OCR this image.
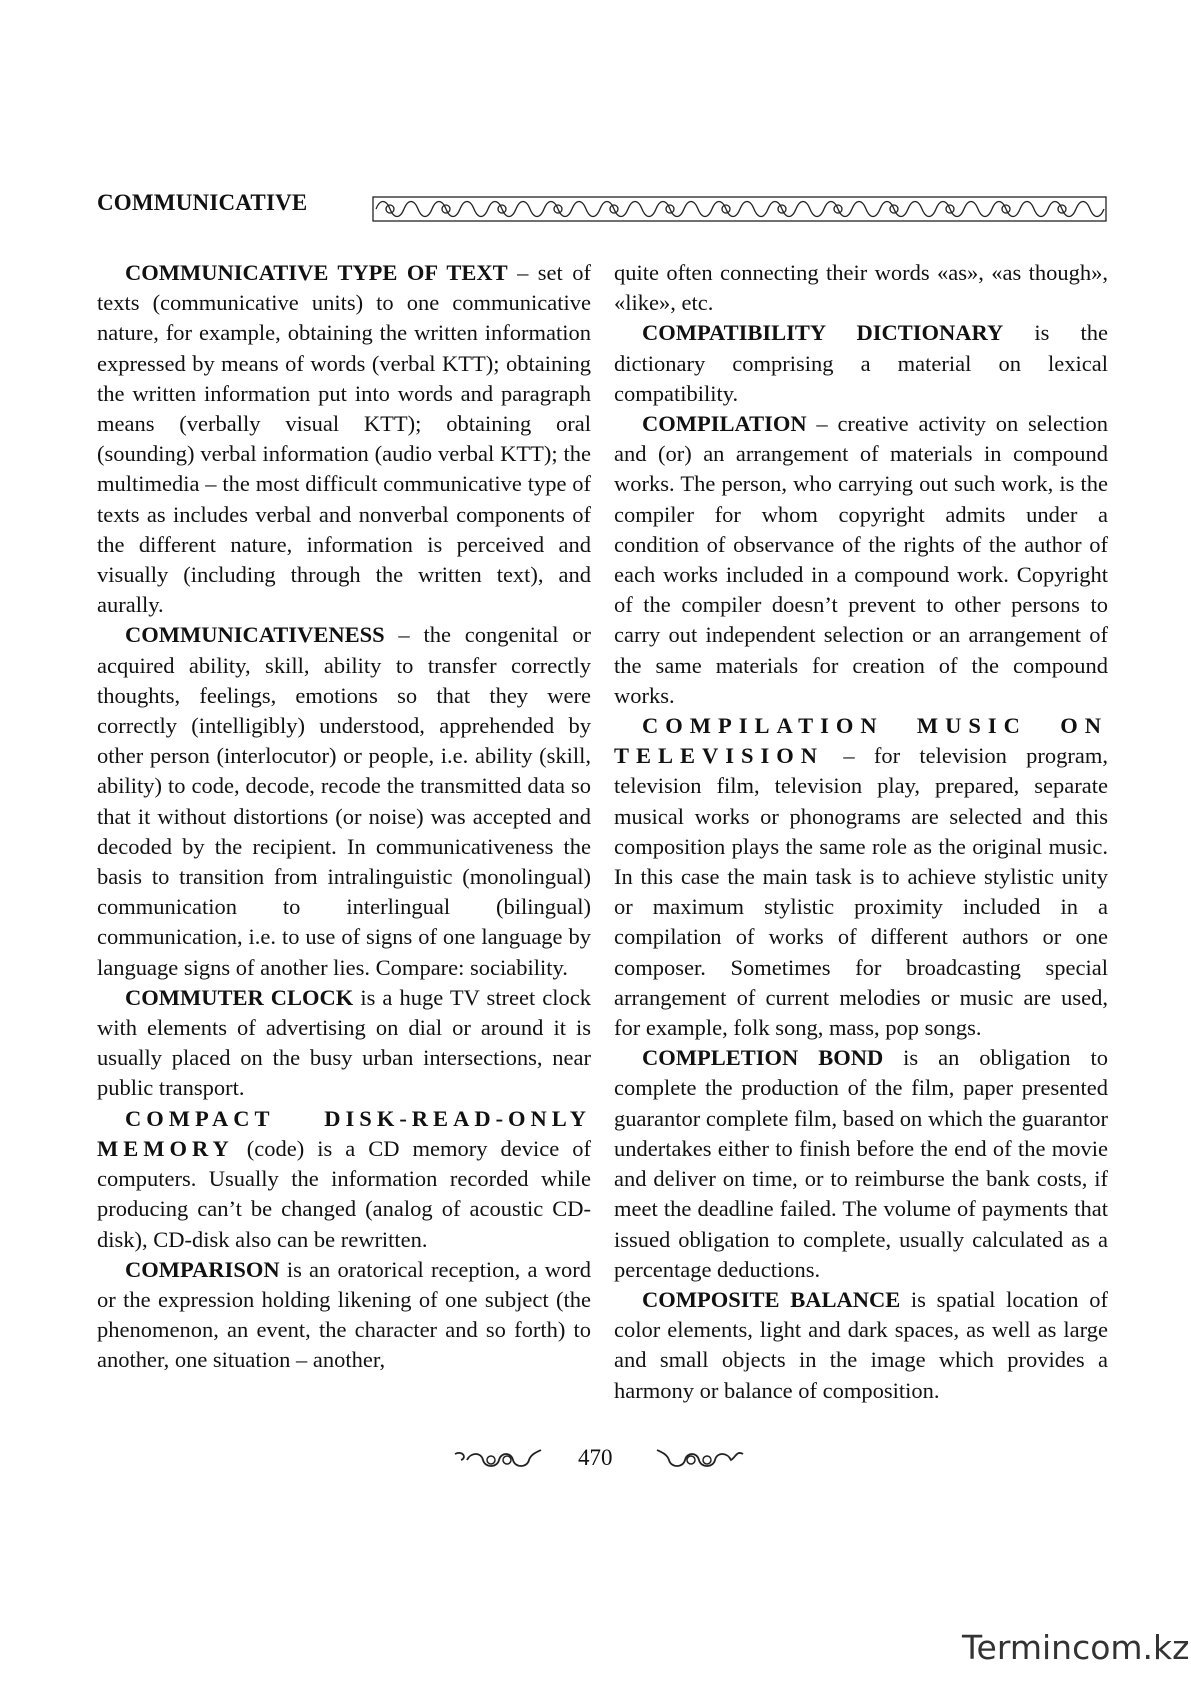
COMMUNICATIVE

COMMUNICATIVE TYPE OF TEXT – set of texts (communicative units) to one communicative nature, for example, obtaining the written information expressed by means of words (verbal KTT); obtaining the written information put into words and paragraph means (verbally visual KTT); obtaining oral (sounding) verbal information (audio verbal KTT); the multimedia – the most difficult communicative type of texts as includes verbal and nonverbal components of the different nature, information is perceived and visually (including through the written text), and aurally.

COMMUNICATIVENESS – the congenital or acquired ability, skill, ability to transfer correctly thoughts, feelings, emotions so that they were correctly (intelligibly) understood, apprehended by other person (interlocutor) or people, i.e. ability (skill, ability) to code, decode, recode the transmitted data so that it without distortions (or noise) was accepted and decoded by the recipient. In communicativeness the basis to transition from intralinguistic (monolingual) communication to interlingual (bilingual) communication, i.e. to use of signs of one language by language signs of another lies. Compare: sociability.

COMMUTER CLOCK is a huge TV street clock with elements of advertising on dial or around it is usually placed on the busy urban intersections, near public transport.

COMPACT DISK-READ-ONLY MEMORY (code) is a CD memory device of computers. Usually the information recorded while producing can’t be changed (analog of acoustic CD-disk), CD-disk also can be rewritten.

COMPARISON is an oratorical reception, a word or the expression holding likening of one subject (the phenomenon, an event, the character and so forth) to another, one situation – another,

quite often connecting their words «as», «as though», «like», etc.

COMPATIBILITY DICTIONARY is the dictionary comprising a material on lexical compatibility.

COMPILATION – creative activity on selection and (or) an arrangement of materials in compound works. The person, who carrying out such work, is the compiler for whom copyright admits under a condition of observance of the rights of the author of each works included in a compound work. Copyright of the compiler doesn’t prevent to other persons to carry out independent selection or an arrangement of the same materials for creation of the compound works.

COMPILATION MUSIC ON TELEVISION – for television program, television film, television play, prepared, separate musical works or phonograms are selected and this composition plays the same role as the original music. In this case the main task is to achieve stylistic unity or maximum stylistic proximity included in a compilation of works of different authors or one composer. Sometimes for broadcasting special arrangement of current melodies or music are used, for example, folk song, mass, pop songs.

COMPLETION BOND is an obligation to complete the production of the film, paper presented guarantor complete film, based on which the guarantor undertakes either to finish before the end of the movie and deliver on time, or to reimburse the bank costs, if meet the deadline failed. The volume of payments that issued obligation to complete, usually calculated as a percentage deductions.

COMPOSITE BALANCE is spatial location of color elements, light and dark spaces, as well as large and small objects in the image which provides a harmony or balance of composition.

470
Termincom.kz
